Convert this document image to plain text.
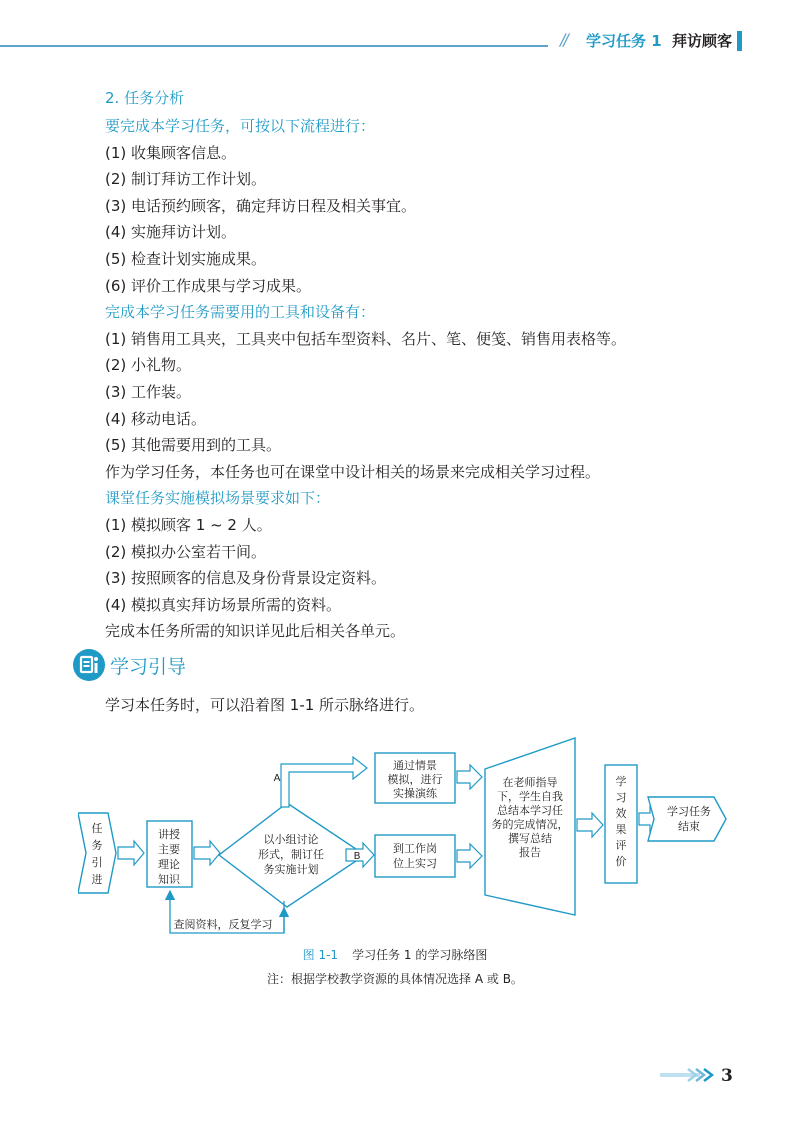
// 学习任务 1 拜访顾客
2. 任务分析
要完成本学习任务，可按以下流程进行：
(1) 收集顾客信息。
(2) 制订拜访工作计划。
(3) 电话预约顾客，确定拜访日程及相关事宜。
(4) 实施拜访计划。
(5) 检查计划实施成果。
(6) 评价工作成果与学习成果。
完成本学习任务需要用的工具和设备有：
(1) 销售用工具夹，工具夹中包括车型资料、名片、笔、便笺、销售用表格等。
(2) 小礼物。
(3) 工作装。
(4) 移动电话。
(5) 其他需要用到的工具。
作为学习任务，本任务也可在课堂中设计相关的场景来完成相关学习过程。
课堂任务实施模拟场景要求如下：
(1) 模拟顾客 1 ~ 2 人。
(2) 模拟办公室若干间。
(3) 按照顾客的信息及身份背景设定资料。
(4) 模拟真实拜访场景所需的资料。
完成本任务所需的知识详见此后相关各单元。
学习引导
学习本任务时，可以沿着图 1-1 所示脉络进行。
任
务
引
进
讲授
主要
理论
知识
以小组讨论
形式，制订任
务实施计划
A
B
通过情景
模拟，进行
实操演练
到工作岗
位上实习
在老师指导
下，学生自我
总结本学习任
务的完成情况，
撰写总结
报告
学
习
效
果
评
价
学习任务
结束
查阅资料，反复学习
图 1-1 学习任务 1 的学习脉络图
注：根据学校教学资源的具体情况选择 A 或 B。
3
